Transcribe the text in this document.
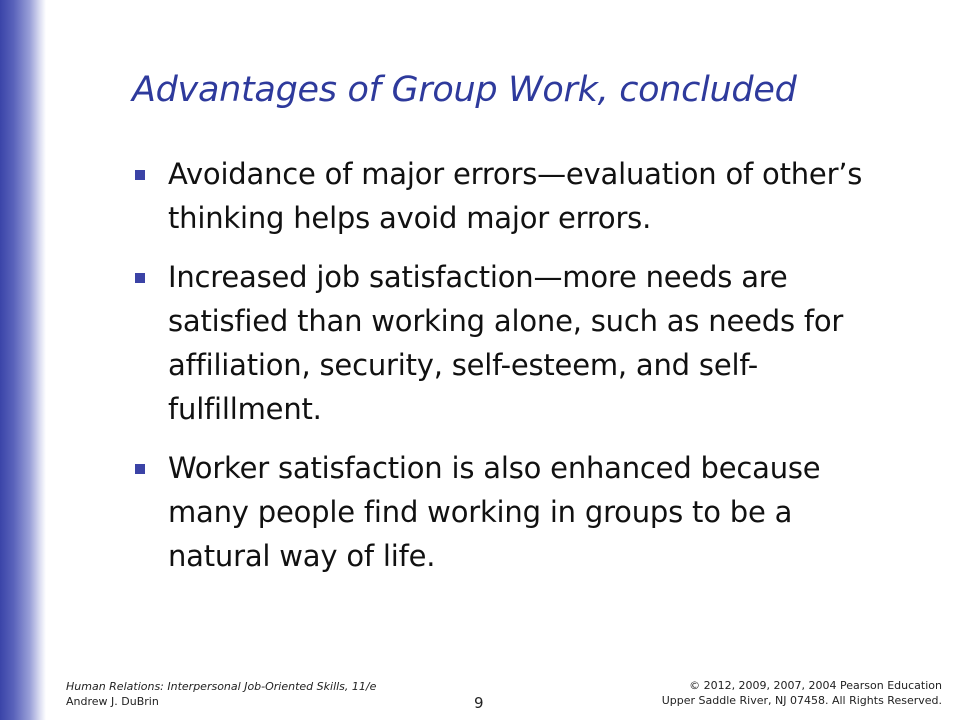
Advantages of Group Work, concluded
Avoidance of major errors—evaluation of other’s thinking helps avoid major errors.
Increased job satisfaction—more needs are satisfied than working alone, such as needs for affiliation, security, self-esteem, and self-fulfillment.
Worker satisfaction is also enhanced because many people find working in groups to be a natural way of life.
Human Relations: Interpersonal Job-Oriented Skills, 11/e
Andrew J. DuBrin	9
© 2012, 2009, 2007, 2004 Pearson Education
Upper Saddle River, NJ 07458. All Rights Reserved.
